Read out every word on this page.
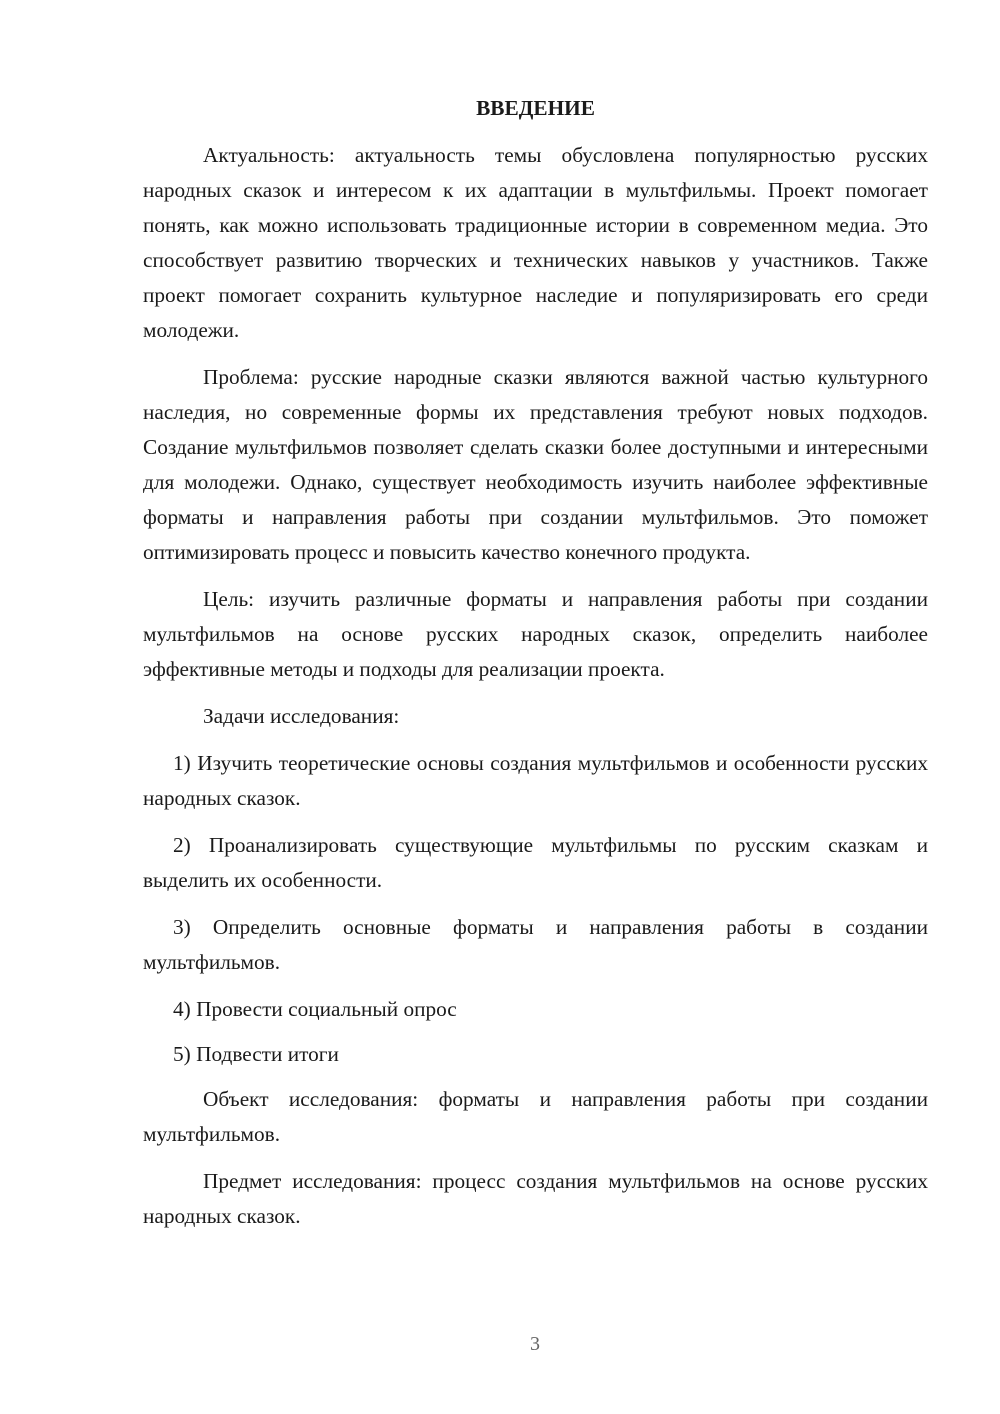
ВВЕДЕНИЕ

Актуальность: актуальность темы обусловлена популярностью русских народных сказок и интересом к их адаптации в мультфильмы. Проект помогает понять, как можно использовать традиционные истории в современном медиа. Это способствует развитию творческих и технических навыков у участников. Также проект помогает сохранить культурное наследие и популяризировать его среди молодежи.

Проблема: русские народные сказки являются важной частью культурного наследия, но современные формы их представления требуют новых подходов. Создание мультфильмов позволяет сделать сказки более доступными и интересными для молодежи. Однако, существует необходимость изучить наиболее эффективные форматы и направления работы при создании мультфильмов. Это поможет оптимизировать процесс и повысить качество конечного продукта.

Цель: изучить различные форматы и направления работы при создании мультфильмов на основе русских народных сказок, определить наиболее эффективные методы и подходы для реализации проекта.

Задачи исследования:

1) Изучить теоретические основы создания мультфильмов и особенности русских народных сказок.

2) Проанализировать существующие мультфильмы по русским сказкам и выделить их особенности.

3) Определить основные форматы и направления работы в создании мультфильмов.

4) Провести социальный опрос

5) Подвести итоги

Объект исследования: форматы и направления работы при создании мультфильмов.

Предмет исследования: процесс создания мультфильмов на основе русских народных сказок.

3
